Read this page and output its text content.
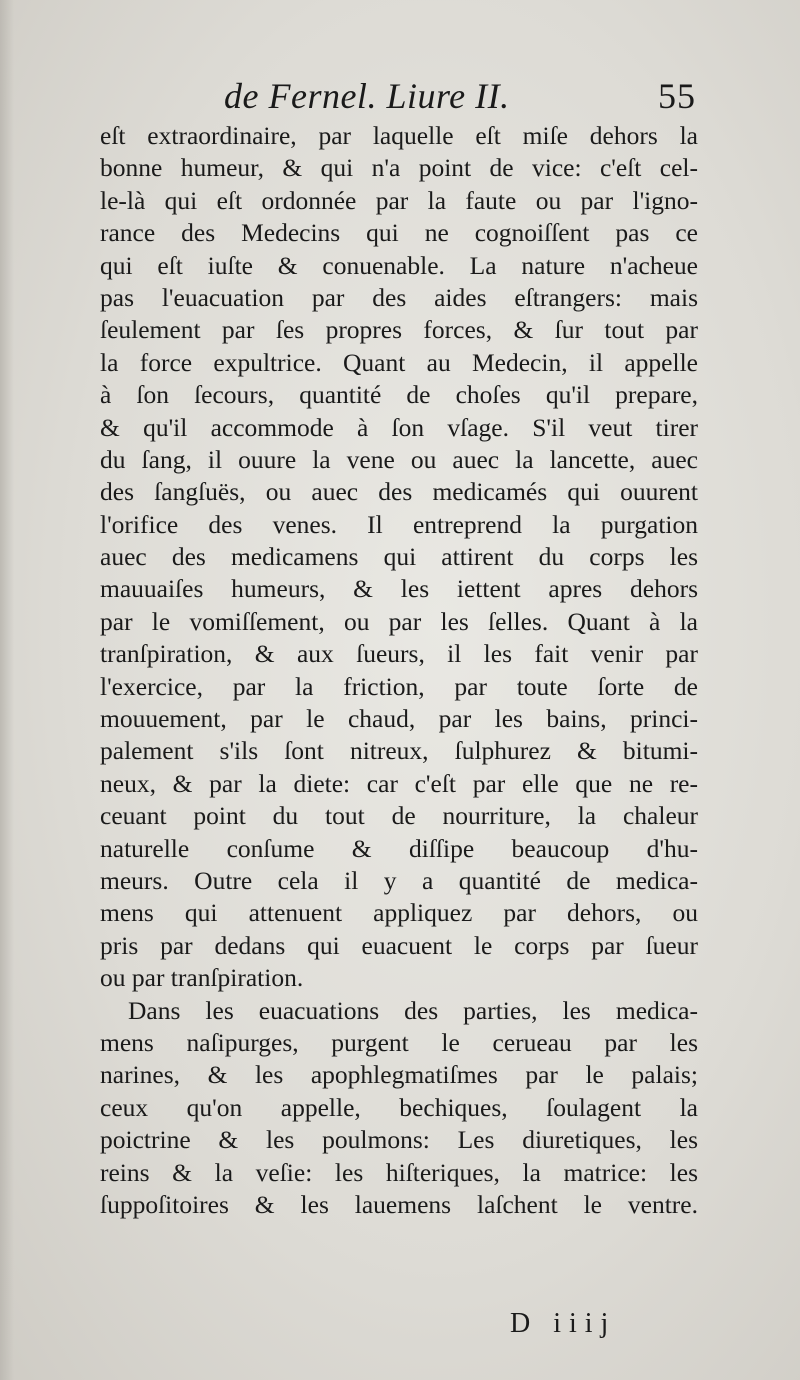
de Fernel. Liure II.	55
eſt extraordinaire, par laquelle eſt miſe dehors la
bonne humeur, & qui n'a point de vice: c'eſt cel-
le-là qui eſt ordonnée par la faute ou par l'igno-
rance des Medecins qui ne cognoiſſent pas ce
qui eſt iuſte & conuenable. La nature n'acheue
pas l'euacuation par des aides eſtrangers: mais
ſeulement par ſes propres forces, & ſur tout par
la force expultrice. Quant au Medecin, il appelle
à ſon ſecours, quantité de choſes qu'il prepare,
& qu'il accommode à ſon vſage. S'il veut tirer
du ſang, il ouure la vene ou auec la lancette, auec
des ſangſuës, ou auec des medicamés qui ouurent
l'orifice des venes. Il entreprend la purgation
auec des medicamens qui attirent du corps les
mauuaiſes humeurs, & les iettent apres dehors
par le vomiſſement, ou par les ſelles. Quant à la
tranſpiration, & aux ſueurs, il les fait venir par
l'exercice, par la friction, par toute ſorte de
mouuement, par le chaud, par les bains, princi-
palement s'ils ſont nitreux, ſulphurez & bitumi-
neux, & par la diete: car c'eſt par elle que ne re-
ceuant point du tout de nourriture, la chaleur
naturelle conſume & diſſipe beaucoup d'hu-
meurs. Outre cela il y a quantité de medica-
mens qui attenuent appliquez par dehors, ou
pris par dedans qui euacuent le corps par ſueur
ou par tranſpiration.
Dans les euacuations des parties, les medica-
mens naſipurges, purgent le cerueau par les
narines, & les apophlegmatiſmes par le palais;
ceux qu'on appelle, bechiques, ſoulagent la
poictrine & les poulmons: Les diuretiques, les
reins & la veſie: les hiſteriques, la matrice: les
ſuppoſitoires & les lauemens laſchent le ventre.
D iiij
